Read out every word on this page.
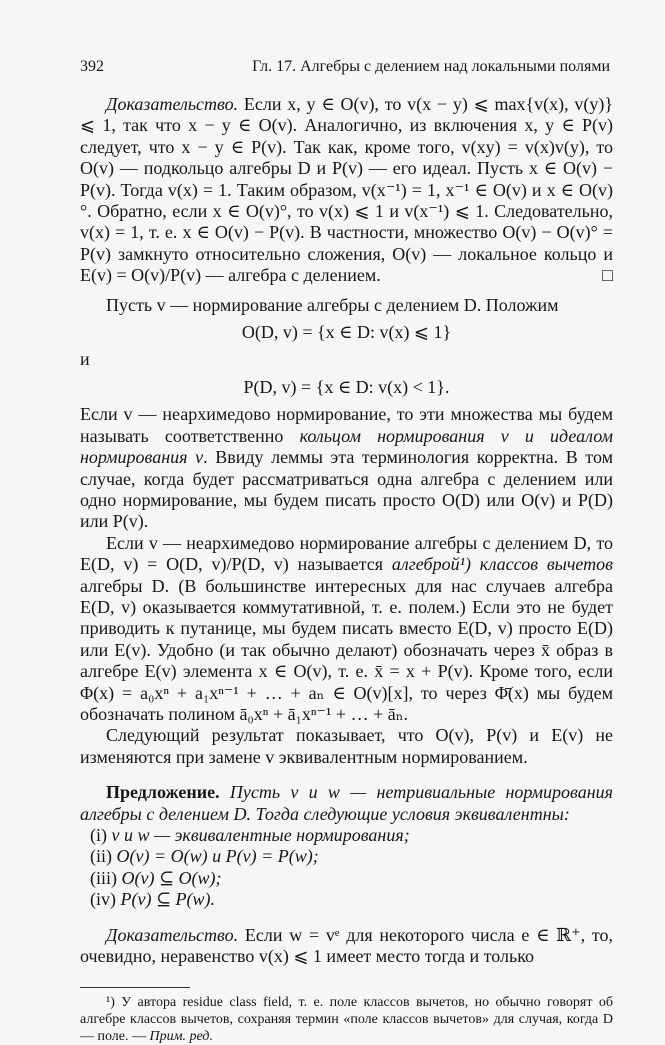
392	Гл. 17. Алгебры с делением над локальными полями

Доказательство. Если x, y ∈ O(v), то v(x − y) ⩽ max{v(x), v(y)} ⩽ 1, так что x − y ∈ O(v). Аналогично, из включения x, y ∈ P(v) следует, что x − y ∈ P(v). Так как, кроме того, v(xy) = v(x)v(y), то O(v) — подкольцо алгебры D и P(v) — его идеал. Пусть x ∈ O(v) − P(v). Тогда v(x) = 1. Таким образом, v(x⁻¹) = 1, x⁻¹ ∈ O(v) и x ∈ O(v)°. Обратно, если x ∈ O(v)°, то v(x) ⩽ 1 и v(x⁻¹) ⩽ 1. Следовательно, v(x) = 1, т. е. x ∈ O(v) − P(v). В частности, множество O(v) − O(v)° = P(v) замкнуто относительно сложения, O(v) — локальное кольцо и E(v) = O(v)/P(v) — алгебра с делением.	□

Пусть v — нормирование алгебры с делением D. Положим

O(D, v) = {x ∈ D: v(x) ⩽ 1}
и
P(D, v) = {x ∈ D: v(x) < 1}.

Если v — неархимедово нормирование, то эти множества мы будем называть соответственно кольцом нормирования v и идеалом нормирования v. Ввиду леммы эта терминология корректна. В том случае, когда будет рассматриваться одна алгебра с делением или одно нормирование, мы будем писать просто O(D) или O(v) и P(D) или P(v).

Если v — неархимедово нормирование алгебры с делением D, то E(D, v) = O(D, v)/P(D, v) называется алгеброй¹) классов вычетов алгебры D. (В большинстве интересных для нас случаев алгебра E(D, v) оказывается коммутативной, т. е. полем.) Если это не будет приводить к путанице, мы будем писать вместо E(D, v) просто E(D) или E(v). Удобно (и так обычно делают) обозначать через x̄ образ в алгебре E(v) элемента x ∈ O(v), т. е. x̄ = x + P(v). Кроме того, если Φ(x) = a₀xⁿ + a₁xⁿ⁻¹ + … + aₙ ∈ O(v)[x], то через Φ̄(x) мы будем обозначать полином ā₀xⁿ + ā₁xⁿ⁻¹ + … + āₙ.

Следующий результат показывает, что O(v), P(v) и E(v) не изменяются при замене v эквивалентным нормированием.

Предложение. Пусть v и w — нетривиальные нормирования алгебры с делением D. Тогда следующие условия эквивалентны:

(i) v и w — эквивалентные нормирования;
(ii) O(v) = O(w) и P(v) = P(w);
(iii) O(v) ⊆ O(w);
(iv) P(v) ⊆ P(w).

Доказательство. Если w = vᵉ для некоторого числа e ∈ ℝ⁺, то, очевидно, неравенство v(x) ⩽ 1 имеет место тогда и только

¹) У автора residue class field, т. е. поле классов вычетов, но обычно говорят об алгебре классов вычетов, сохраняя термин «поле классов вычетов» для случая, когда D — поле. — Прим. ред.
